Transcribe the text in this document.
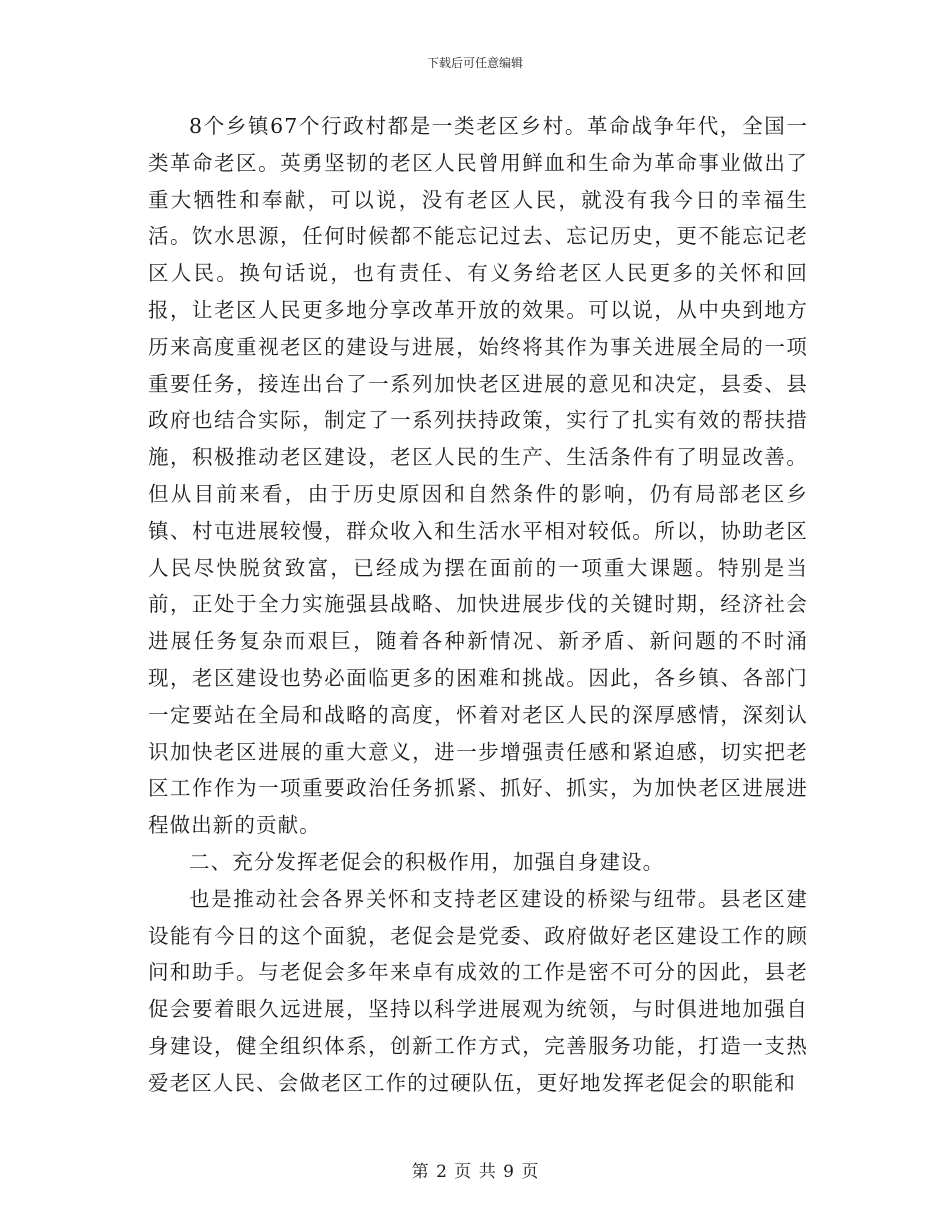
下载后可任意编辑

8个乡镇67个行政村都是一类老区乡村。革命战争年代，全国一类革命老区。英勇坚韧的老区人民曾用鲜血和生命为革命事业做出了重大牺牲和奉献，可以说，没有老区人民，就没有我今日的幸福生活。饮水思源，任何时候都不能忘记过去、忘记历史，更不能忘记老区人民。换句话说，也有责任、有义务给老区人民更多的关怀和回报，让老区人民更多地分享改革开放的效果。可以说，从中央到地方历来高度重视老区的建设与进展，始终将其作为事关进展全局的一项重要任务，接连出台了一系列加快老区进展的意见和决定，县委、县政府也结合实际，制定了一系列扶持政策，实行了扎实有效的帮扶措施，积极推动老区建设，老区人民的生产、生活条件有了明显改善。但从目前来看，由于历史原因和自然条件的影响，仍有局部老区乡镇、村屯进展较慢，群众收入和生活水平相对较低。所以，协助老区人民尽快脱贫致富，已经成为摆在面前的一项重大课题。特别是当前，正处于全力实施强县战略、加快进展步伐的关键时期，经济社会进展任务复杂而艰巨，随着各种新情况、新矛盾、新问题的不时涌现，老区建设也势必面临更多的困难和挑战。因此，各乡镇、各部门一定要站在全局和战略的高度，怀着对老区人民的深厚感情，深刻认识加快老区进展的重大意义，进一步增强责任感和紧迫感，切实把老区工作作为一项重要政治任务抓紧、抓好、抓实，为加快老区进展进程做出新的贡献。

二、充分发挥老促会的积极作用，加强自身建设。

也是推动社会各界关怀和支持老区建设的桥梁与纽带。县老区建设能有今日的这个面貌，老促会是党委、政府做好老区建设工作的顾问和助手。与老促会多年来卓有成效的工作是密不可分的因此，县老促会要着眼久远进展，坚持以科学进展观为统领，与时俱进地加强自身建设，健全组织体系，创新工作方式，完善服务功能，打造一支热爱老区人民、会做老区工作的过硬队伍，更好地发挥老促会的职能和

第 2 页 共 9 页
